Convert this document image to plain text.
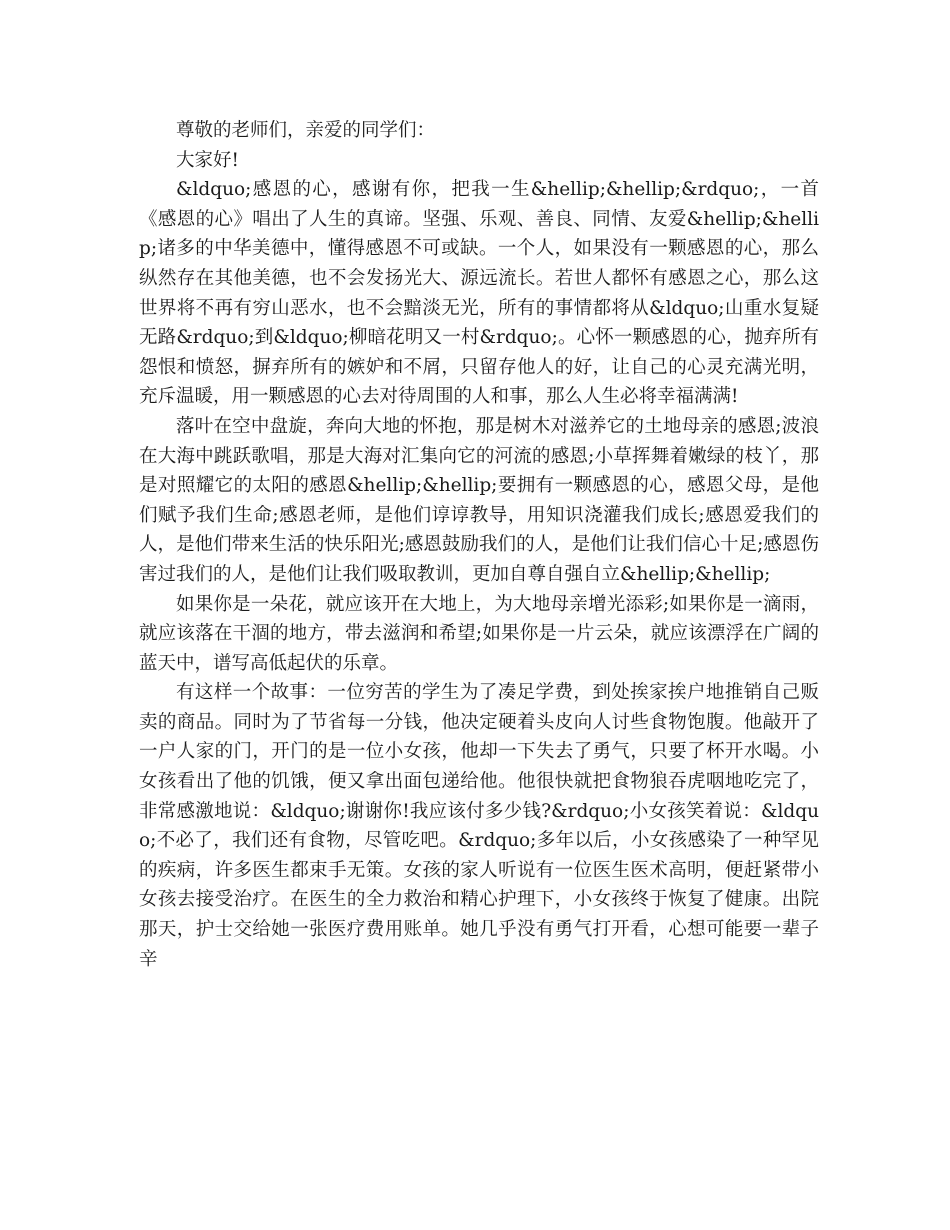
尊敬的老师们，亲爱的同学们：

大家好!

&ldquo;感恩的心，感谢有你，把我一生&hellip;&hellip;&rdquo;，一首《感恩的心》唱出了人生的真谛。坚强、乐观、善良、同情、友爱&hellip;&hellip;诸多的中华美德中，懂得感恩不可或缺。一个人，如果没有一颗感恩的心，那么纵然存在其他美德，也不会发扬光大、源远流长。若世人都怀有感恩之心，那么这世界将不再有穷山恶水，也不会黯淡无光，所有的事情都将从&ldquo;山重水复疑无路&rdquo;到&ldquo;柳暗花明又一村&rdquo;。心怀一颗感恩的心，抛弃所有怨恨和愤怒，摒弃所有的嫉妒和不屑，只留存他人的好，让自己的心灵充满光明，充斥温暖，用一颗感恩的心去对待周围的人和事，那么人生必将幸福满满!

落叶在空中盘旋，奔向大地的怀抱，那是树木对滋养它的土地母亲的感恩;波浪在大海中跳跃歌唱，那是大海对汇集向它的河流的感恩;小草挥舞着嫩绿的枝丫，那是对照耀它的太阳的感恩&hellip;&hellip;要拥有一颗感恩的心，感恩父母，是他们赋予我们生命;感恩老师，是他们谆谆教导，用知识浇灌我们成长;感恩爱我们的人，是他们带来生活的快乐阳光;感恩鼓励我们的人，是他们让我们信心十足;感恩伤害过我们的人，是他们让我们吸取教训，更加自尊自强自立&hellip;&hellip;

如果你是一朵花，就应该开在大地上，为大地母亲增光添彩;如果你是一滴雨，就应该落在干涸的地方，带去滋润和希望;如果你是一片云朵，就应该漂浮在广阔的蓝天中，谱写高低起伏的乐章。

有这样一个故事：一位穷苦的学生为了凑足学费，到处挨家挨户地推销自己贩卖的商品。同时为了节省每一分钱，他决定硬着头皮向人讨些食物饱腹。他敲开了一户人家的门，开门的是一位小女孩，他却一下失去了勇气，只要了杯开水喝。小女孩看出了他的饥饿，便又拿出面包递给他。他很快就把食物狼吞虎咽地吃完了，非常感激地说：&ldquo;谢谢你!我应该付多少钱?&rdquo;小女孩笑着说：&ldquo;不必了，我们还有食物，尽管吃吧。&rdquo;多年以后，小女孩感染了一种罕见的疾病，许多医生都束手无策。女孩的家人听说有一位医生医术高明，便赶紧带小女孩去接受治疗。在医生的全力救治和精心护理下，小女孩终于恢复了健康。出院那天，护士交给她一张医疗费用账单。她几乎没有勇气打开看，心想可能要一辈子辛
